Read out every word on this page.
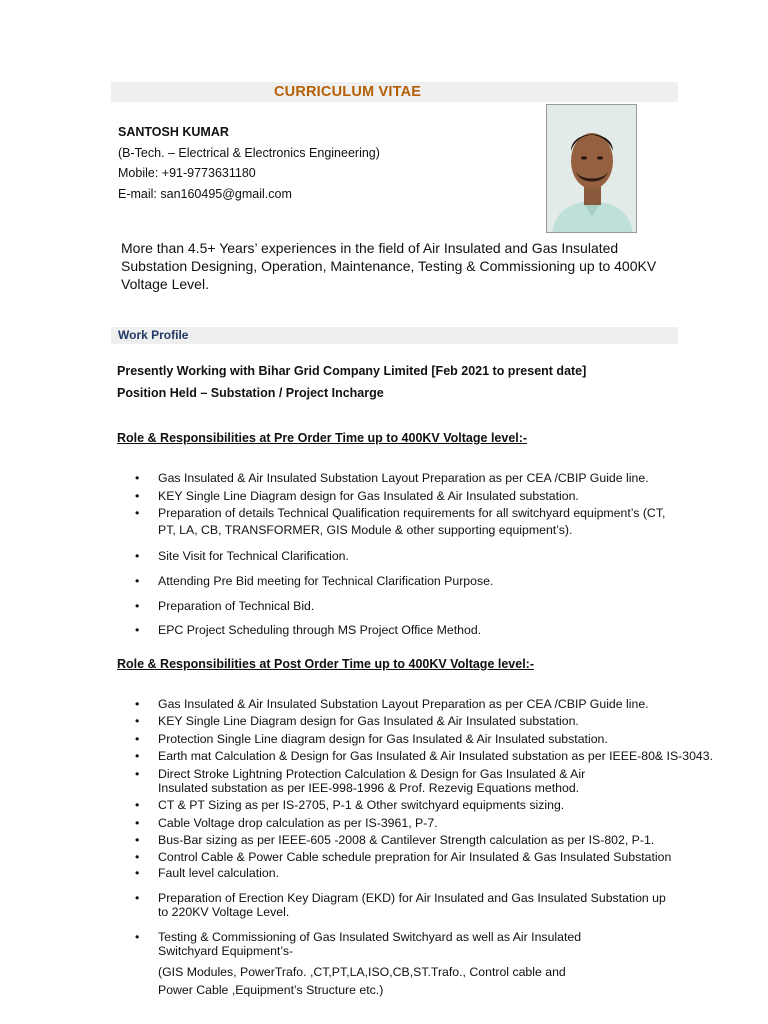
CURRICULUM VITAE
SANTOSH KUMAR
(B-Tech. – Electrical & Electronics Engineering)
Mobile: +91-9773631180
E-mail: san160495@gmail.com
More than 4.5+ Years’ experiences in the field of Air Insulated and Gas Insulated Substation Designing, Operation, Maintenance, Testing & Commissioning up to 400KV Voltage Level.
Work Profile
Presently Working with Bihar Grid Company Limited [Feb 2021 to present date]
Position Held – Substation / Project Incharge
Role & Responsibilities at Pre Order Time up to 400KV Voltage level:-
• Gas Insulated & Air Insulated Substation Layout Preparation as per CEA /CBIP Guide line.
• KEY Single Line Diagram design for Gas Insulated & Air Insulated substation.
• Preparation of details Technical Qualification requirements for all switchyard equipment’s (CT,
PT, LA, CB, TRANSFORMER, GIS Module & other supporting equipment’s).
• Site Visit for Technical Clarification.
• Attending Pre Bid meeting for Technical Clarification Purpose.
• Preparation of Technical Bid.
• EPC Project Scheduling through MS Project Office Method.
Role & Responsibilities at Post Order Time up to 400KV Voltage level:-
• Gas Insulated & Air Insulated Substation Layout Preparation as per CEA /CBIP Guide line.
• KEY Single Line Diagram design for Gas Insulated & Air Insulated substation.
• Protection Single Line diagram design for Gas Insulated & Air Insulated substation.
• Earth mat Calculation & Design for Gas Insulated & Air Insulated substation as per IEEE-80& IS-3043.
• Direct Stroke Lightning Protection Calculation & Design for Gas Insulated & Air
Insulated substation as per IEE-998-1996 & Prof. Rezevig Equations method.
• CT & PT Sizing as per IS-2705, P-1 & Other switchyard equipments sizing.
• Cable Voltage drop calculation as per IS-3961, P-7.
• Bus-Bar sizing as per IEEE-605 -2008 & Cantilever Strength calculation as per IS-802, P-1.
• Control Cable & Power Cable schedule prepration for Air Insulated & Gas Insulated Substation
• Fault level calculation.
• Preparation of Erection Key Diagram (EKD) for Air Insulated and Gas Insulated Substation up
to 220KV Voltage Level.
• Testing & Commissioning of Gas Insulated Switchyard as well as Air Insulated
Switchyard Equipment’s-
(GIS Modules, PowerTrafo. ,CT,PT,LA,ISO,CB,ST.Trafo., Control cable and
Power Cable ,Equipment’s Structure etc.)
